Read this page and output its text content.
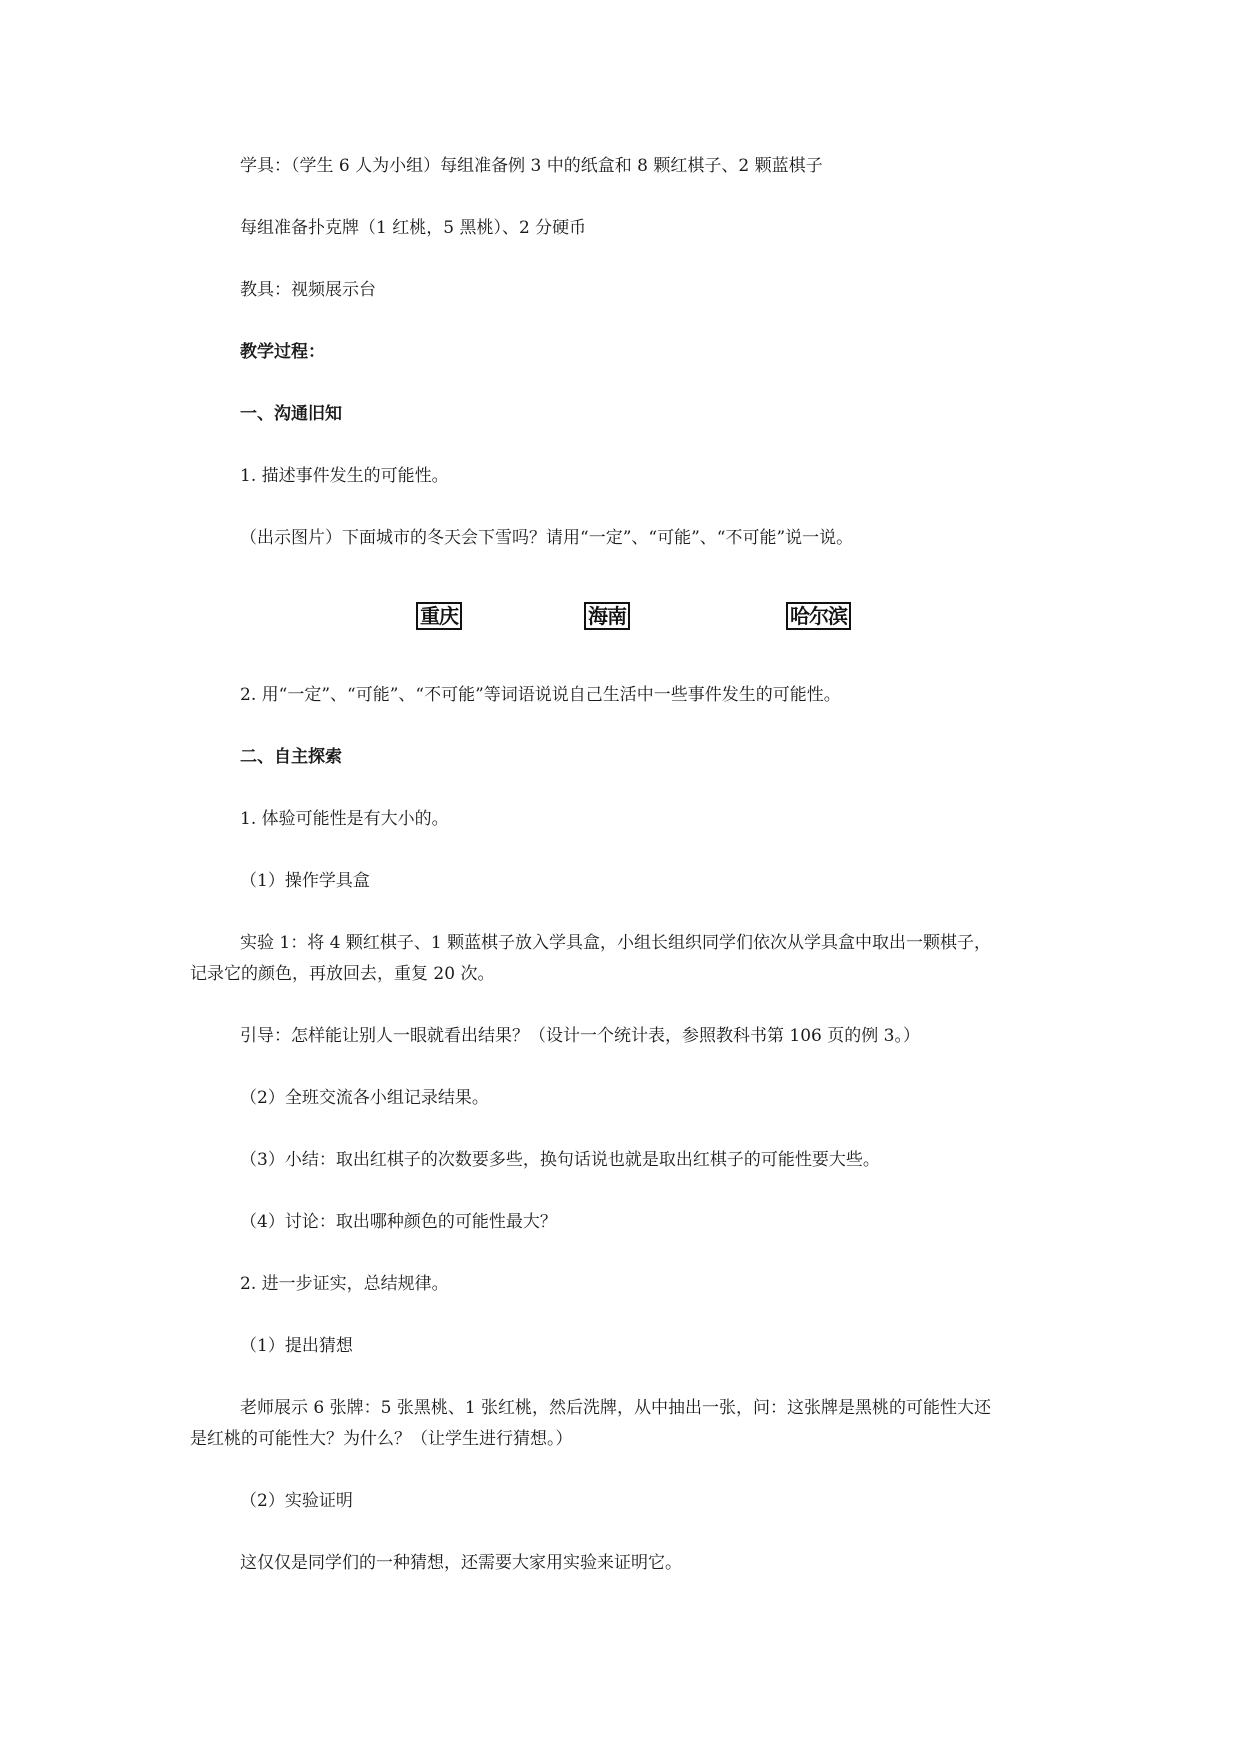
学具：（学生 6 人为小组）每组准备例 3 中的纸盒和 8 颗红棋子、2 颗蓝棋子
每组准备扑克牌（1 红桃，5 黑桃）、2 分硬币
教具：视频展示台
教学过程：
一、沟通旧知
1. 描述事件发生的可能性。
（出示图片）下面城市的冬天会下雪吗？请用“一定”、“可能”、“不可能”说一说。
重庆	海南	哈尔滨
2. 用“一定”、“可能”、“不可能”等词语说说自己生活中一些事件发生的可能性。
二、自主探索
1. 体验可能性是有大小的。
（1）操作学具盒
实验 1：将 4 颗红棋子、1 颗蓝棋子放入学具盒，小组长组织同学们依次从学具盒中取出一颗棋子，
记录它的颜色，再放回去，重复 20 次。
引导：怎样能让别人一眼就看出结果？（设计一个统计表，参照教科书第 106 页的例 3。）
（2）全班交流各小组记录结果。
（3）小结：取出红棋子的次数要多些，换句话说也就是取出红棋子的可能性要大些。
（4）讨论：取出哪种颜色的可能性最大？
2. 进一步证实，总结规律。
（1）提出猜想
老师展示 6 张牌：5 张黑桃、1 张红桃，然后洗牌，从中抽出一张，问：这张牌是黑桃的可能性大还
是红桃的可能性大？为什么？（让学生进行猜想。）
（2）实验证明
这仅仅是同学们的一种猜想，还需要大家用实验来证明它。
